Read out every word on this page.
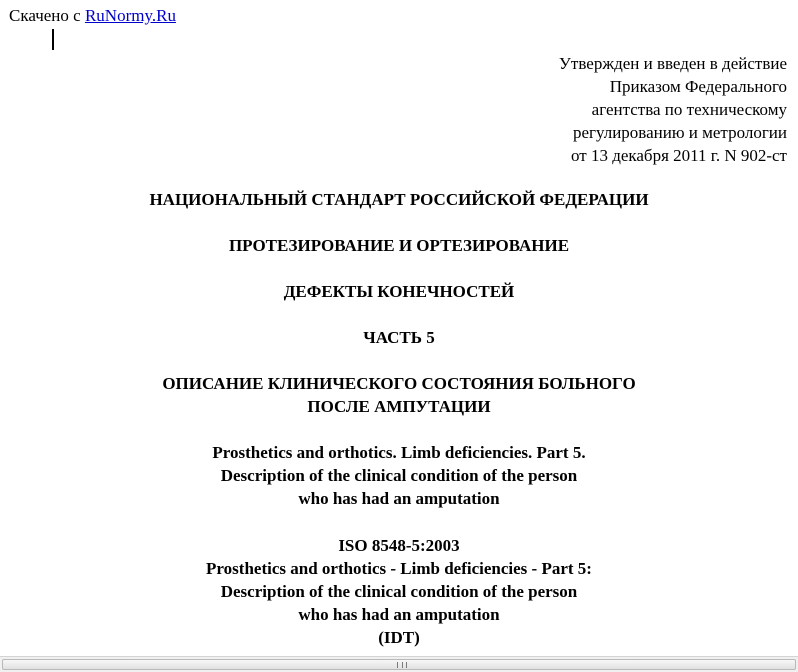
Скачено с RuNormy.Ru
Утвержден и введен в действие
Приказом Федерального
агентства по техническому
регулированию и метрологии
от 13 декабря 2011 г. N 902-ст
НАЦИОНАЛЬНЫЙ СТАНДАРТ РОССИЙСКОЙ ФЕДЕРАЦИИ
ПРОТЕЗИРОВАНИЕ И ОРТЕЗИРОВАНИЕ
ДЕФЕКТЫ КОНЕЧНОСТЕЙ
ЧАСТЬ 5
ОПИСАНИЕ КЛИНИЧЕСКОГО СОСТОЯНИЯ БОЛЬНОГО
ПОСЛЕ АМПУТАЦИИ
Prosthetics and orthotics. Limb deficiencies. Part 5.
Description of the clinical condition of the person
who has had an amputation
ISO 8548-5:2003
Prosthetics and orthotics - Limb deficiencies - Part 5:
Description of the clinical condition of the person
who has had an amputation
(IDT)
